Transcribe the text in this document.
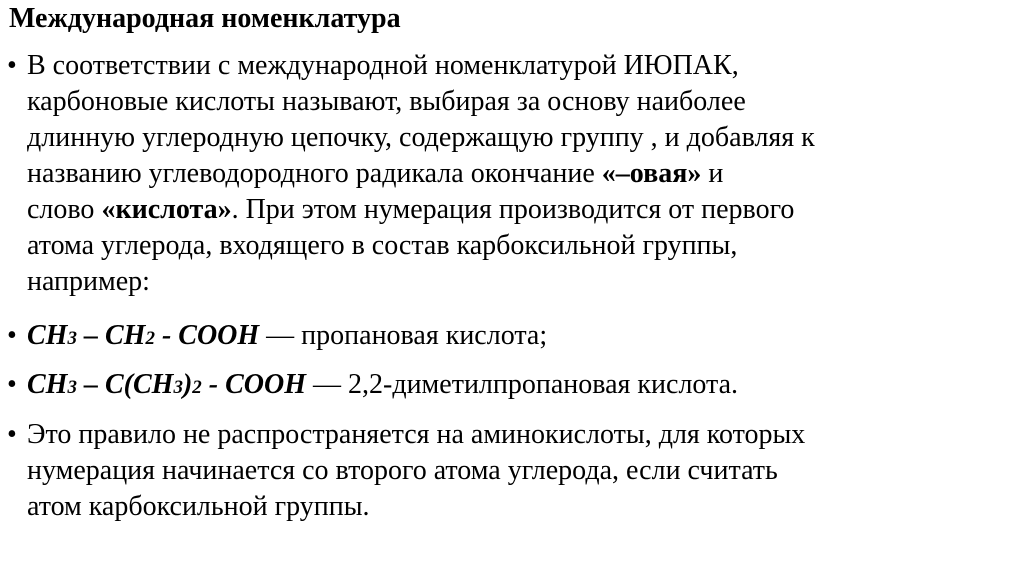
Международная номенклатура
• В соответствии с международной номенклатурой ИЮПАК,
карбоновые кислоты называют, выбирая за основу наиболее
длинную углеродную цепочку, содержащую группу , и добавляя к
названию углеводородного радикала окончание «–овая» и
слово «кислота». При этом нумерация производится от первого
атома углерода, входящего в состав карбоксильной группы,
например:
• CH3 – CH2 - COOH — пропановая кислота;
• CH3 – C(CH3)2 - COOH — 2,2-диметилпропановая кислота.
• Это правило не распространяется на аминокислоты, для которых
нумерация начинается со второго атома углерода, если считать
атом карбоксильной группы.
